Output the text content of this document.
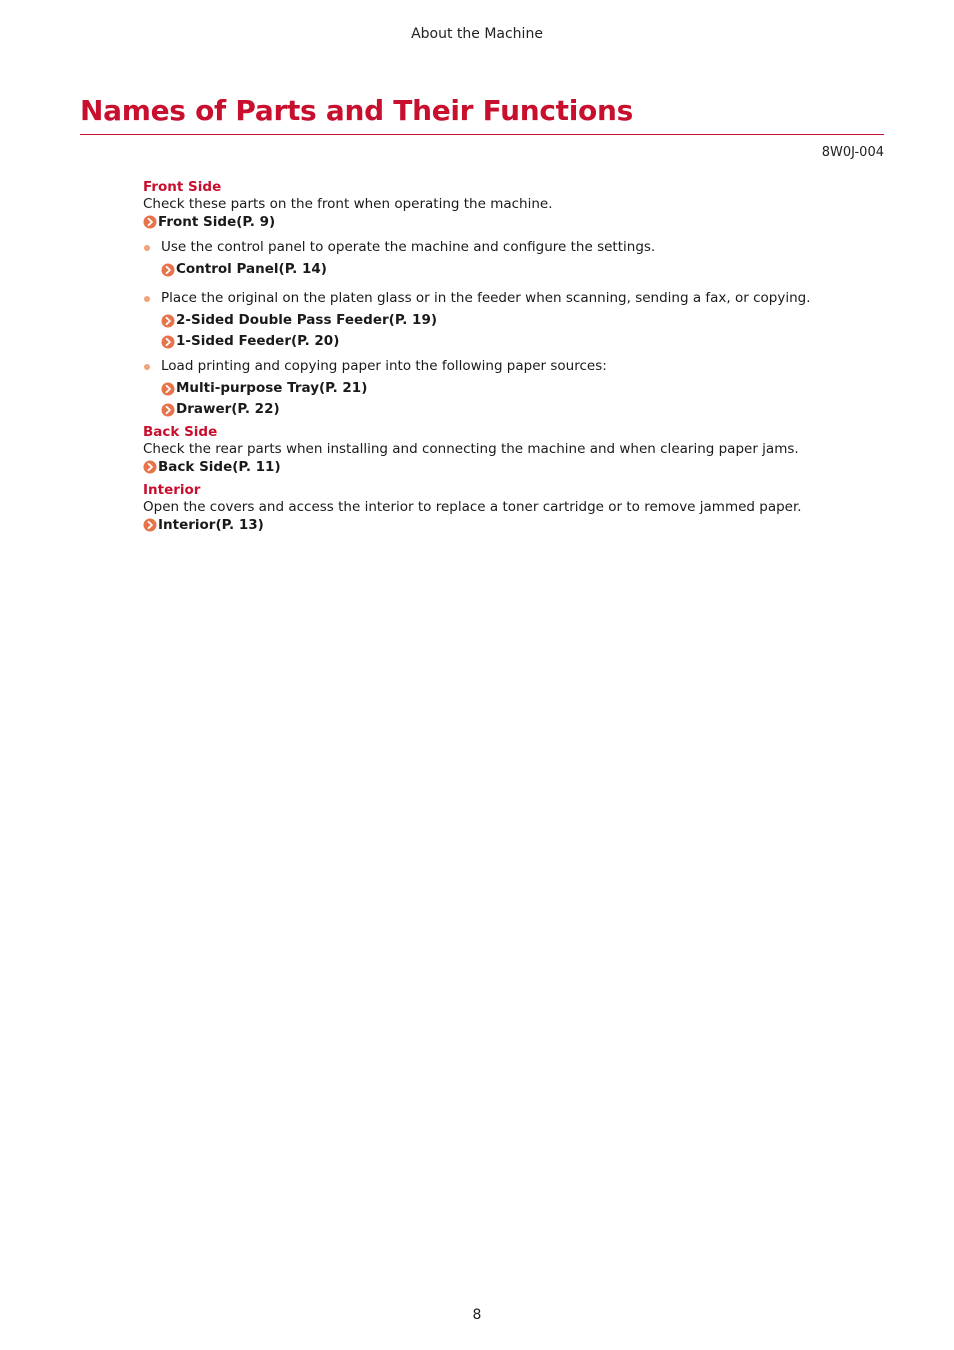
About the Machine
Names of Parts and Their Functions
8W0J-004
Front Side
Check these parts on the front when operating the machine.
Front Side(P. 9)
Use the control panel to operate the machine and configure the settings.
Control Panel(P. 14)
Place the original on the platen glass or in the feeder when scanning, sending a fax, or copying.
2-Sided Double Pass Feeder(P. 19)
1-Sided Feeder(P. 20)
Load printing and copying paper into the following paper sources:
Multi-purpose Tray(P. 21)
Drawer(P. 22)
Back Side
Check the rear parts when installing and connecting the machine and when clearing paper jams.
Back Side(P. 11)
Interior
Open the covers and access the interior to replace a toner cartridge or to remove jammed paper.
Interior(P. 13)
8
